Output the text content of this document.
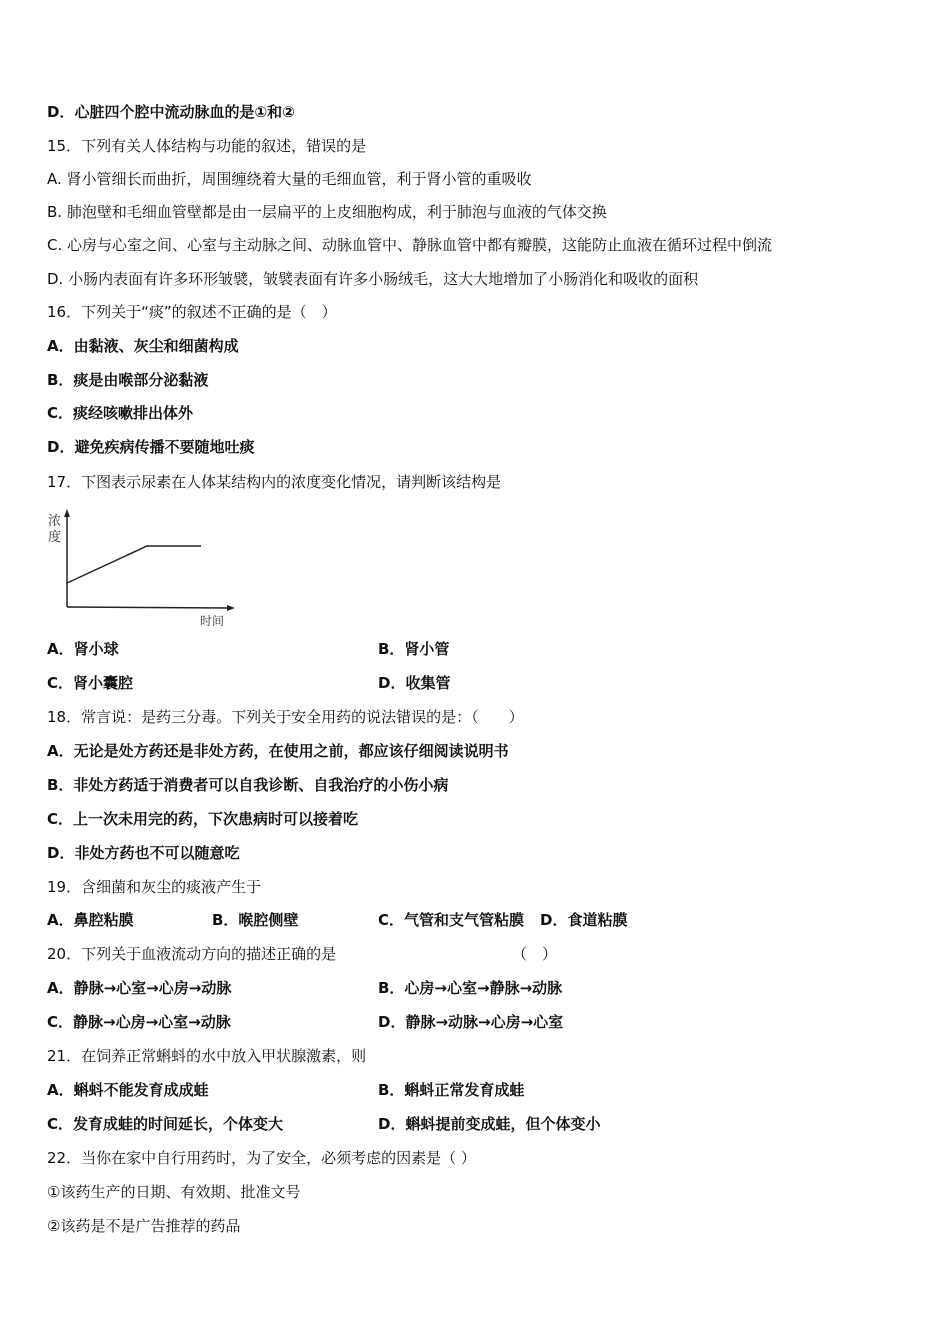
D．心脏四个腔中流动脉血的是①和②
15．下列有关人体结构与功能的叙述，错误的是
A. 肾小管细长而曲折，周围缠绕着大量的毛细血管，利于肾小管的重吸收
B. 肺泡壁和毛细血管壁都是由一层扁平的上皮细胞构成，利于肺泡与血液的气体交换
C. 心房与心室之间、心室与主动脉之间、动脉血管中、静脉血管中都有瓣膜，这能防止血液在循环过程中倒流
D. 小肠内表面有许多环形皱襞，皱襞表面有许多小肠绒毛，这大大地增加了小肠消化和吸收的面积
16．下列关于“痰”的叙述不正确的是（　）
A．由黏液、灰尘和细菌构成
B．痰是由喉部分泌黏液
C．痰经咳嗽排出体外
D．避免疾病传播不要随地吐痰
17．下图表示尿素在人体某结构内的浓度变化情况，请判断该结构是
浓
度
时间
A．肾小球	B．肾小管
C．肾小囊腔	D．收集管
18．常言说：是药三分毒。下列关于安全用药的说法错误的是：（　　）
A．无论是处方药还是非处方药，在使用之前，都应该仔细阅读说明书
B．非处方药适于消费者可以自我诊断、自我治疗的小伤小病
C．上一次未用完的药，下次患病时可以接着吃
D．非处方药也不可以随意吃
19．含细菌和灰尘的痰液产生于
A．鼻腔粘膜	B．喉腔侧壁	C．气管和支气管粘膜 D．食道粘膜
20．下列关于血液流动方向的描述正确的是	（　）
A．静脉→心室→心房→动脉	B．心房→心室→静脉→动脉
C．静脉→心房→心室→动脉	D．静脉→动脉→心房→心室
21．在饲养正常蝌蚪的水中放入甲状腺激素，则
A．蝌蚪不能发育成成蛙	B．蝌蚪正常发育成蛙
C．发育成蛙的时间延长，个体变大	D．蝌蚪提前变成蛙，但个体变小
22．当你在家中自行用药时，为了安全，必须考虑的因素是（ ）
①该药生产的日期、有效期、批准文号
②该药是不是广告推荐的药品
